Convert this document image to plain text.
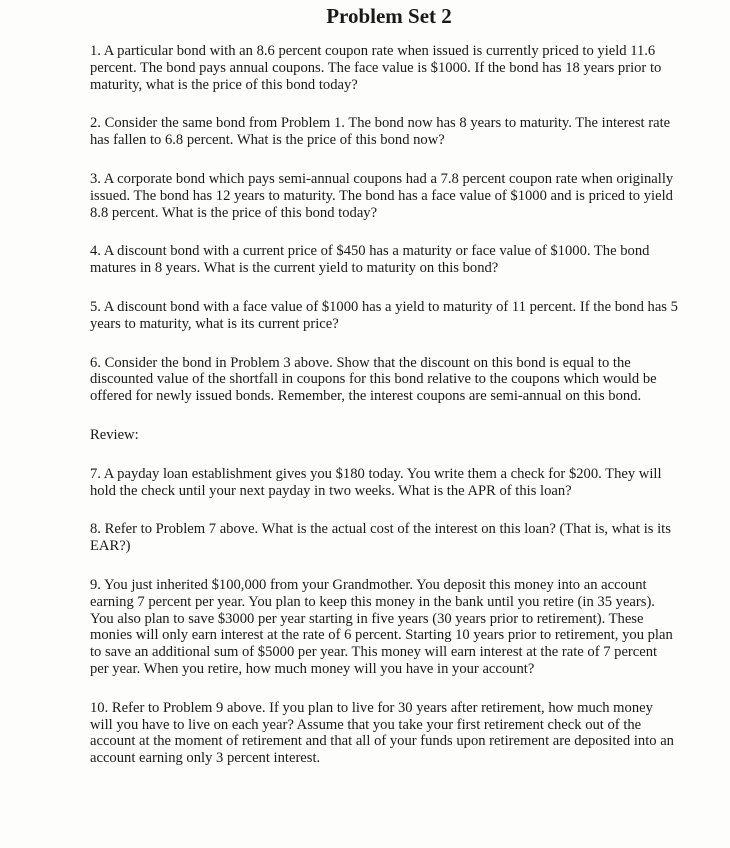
Problem Set 2
1. A particular bond with an 8.6 percent coupon rate when issued is currently priced to yield 11.6 percent. The bond pays annual coupons. The face value is $1000. If the bond has 18 years prior to maturity, what is the price of this bond today?
2. Consider the same bond from Problem 1. The bond now has 8 years to maturity. The interest rate has fallen to 6.8 percent. What is the price of this bond now?
3. A corporate bond which pays semi-annual coupons had a 7.8 percent coupon rate when originally issued. The bond has 12 years to maturity. The bond has a face value of $1000 and is priced to yield 8.8 percent. What is the price of this bond today?
4. A discount bond with a current price of $450 has a maturity or face value of $1000. The bond matures in 8 years. What is the current yield to maturity on this bond?
5. A discount bond with a face value of $1000 has a yield to maturity of 11 percent. If the bond has 5 years to maturity, what is its current price?
6. Consider the bond in Problem 3 above. Show that the discount on this bond is equal to the discounted value of the shortfall in coupons for this bond relative to the coupons which would be offered for newly issued bonds. Remember, the interest coupons are semi-annual on this bond.
Review:
7. A payday loan establishment gives you $180 today. You write them a check for $200. They will hold the check until your next payday in two weeks. What is the APR of this loan?
8. Refer to Problem 7 above. What is the actual cost of the interest on this loan? (That is, what is its EAR?)
9. You just inherited $100,000 from your Grandmother. You deposit this money into an account earning 7 percent per year. You plan to keep this money in the bank until you retire (in 35 years). You also plan to save $3000 per year starting in five years (30 years prior to retirement). These monies will only earn interest at the rate of 6 percent. Starting 10 years prior to retirement, you plan to save an additional sum of $5000 per year. This money will earn interest at the rate of 7 percent per year. When you retire, how much money will you have in your account?
10. Refer to Problem 9 above. If you plan to live for 30 years after retirement, how much money will you have to live on each year? Assume that you take your first retirement check out of the account at the moment of retirement and that all of your funds upon retirement are deposited into an account earning only 3 percent interest.
